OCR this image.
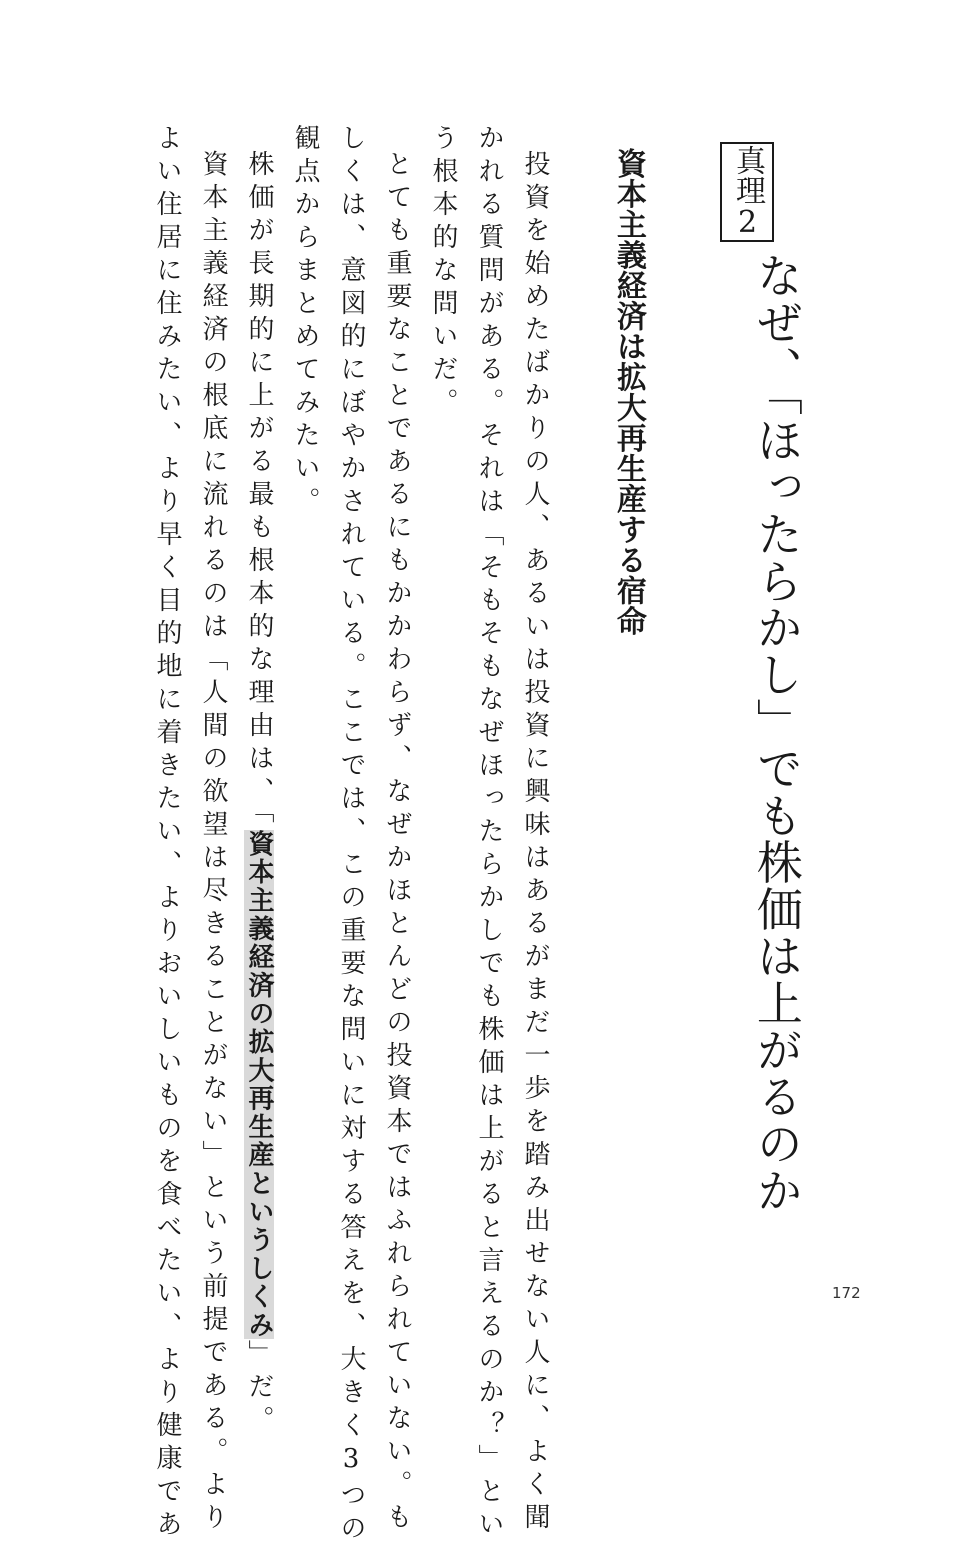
真理2
なぜ、「ほったらかし」でも株価は上がるのか
資本主義経済は拡大再生産する宿命
投資を始めたばかりの人、あるいは投資に興味はあるがまだ一歩を踏み出せない人に、よく聞
かれる質問がある。それは「そもそもなぜほったらかしでも株価は上がると言えるのか？」とい
う根本的な問いだ。
とても重要なことであるにもかかわらず、なぜかほとんどの投資本ではふれられていない。も
しくは、意図的にぼやかされている。ここでは、この重要な問いに対する答えを、大きく3つの
観点からまとめてみたい。
株価が長期的に上がる最も根本的な理由は、「資本主義経済の拡大再生産というしくみ」だ。
資本主義経済の根底に流れるのは「人間の欲望は尽きることがない」という前提である。より
よい住居に住みたい、より早く目的地に着きたい、よりおいしいものを食べたい、より健康であ	172
